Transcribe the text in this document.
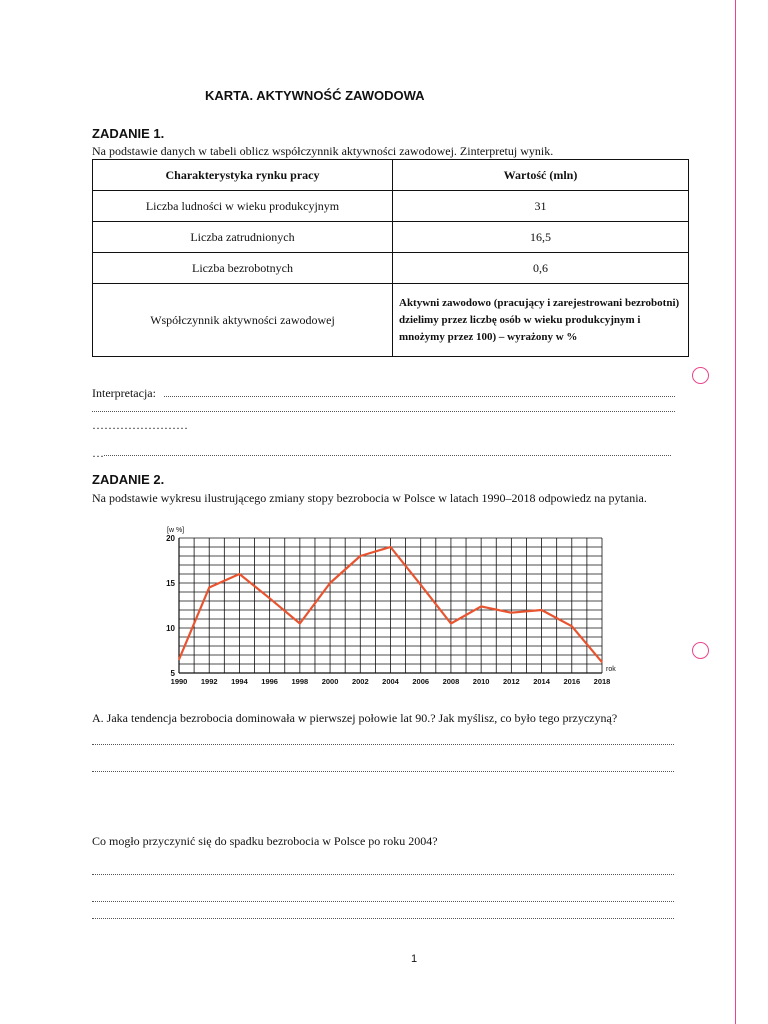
KARTA. AKTYWNOŚĆ ZAWODOWA
ZADANIE 1.
Na podstawie danych w tabeli oblicz współczynnik aktywności zawodowej. Zinterpretuj wynik.
Charakterystyka rynku pracy	Wartość (mln)
Liczba ludności w wieku produkcyjnym	31
Liczba zatrudnionych	16,5
Liczba bezrobotnych	0,6
Współczynnik aktywności zawodowej	Aktywni zawodowo (pracujący i zarejestrowani bezrobotni) dzielimy przez liczbę osób w wieku produkcyjnym i mnożymy przez 100) – wyrażony w %
Interpretacja:
……………………
…
ZADANIE 2.
Na podstawie wykresu ilustrującego zmiany stopy bezrobocia w Polsce w latach 1990–2018 odpowiedz na pytania.
5
10
15
20
1990 1992 1994 1996 1998 2000 2002 2004 2006 2008 2010 2012 2014 2016 2018
[w %]
rok
A. Jaka tendencja bezrobocia dominowała w pierwszej połowie lat 90.? Jak myślisz, co było tego przyczyną?
Co mogło przyczynić się do spadku bezrobocia w Polsce po roku 2004?
1
